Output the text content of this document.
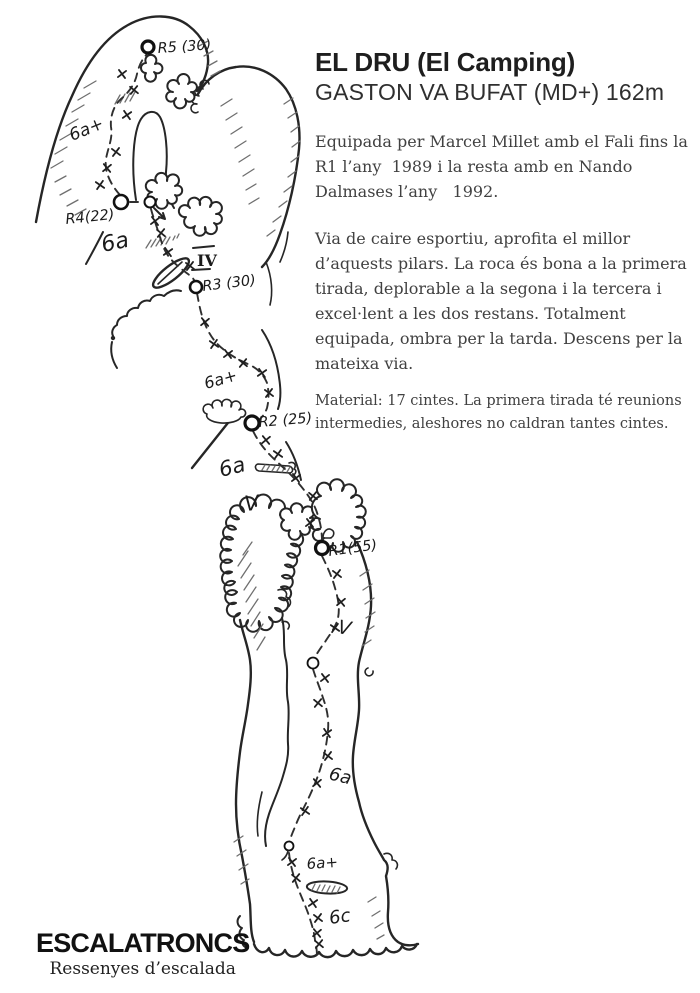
R5 (30)
6a+
R4(22)
6a
IV
R3 (30)
6a+
R2 (25)
6a
V
R1(55)
V
6a
6a+
6c
EL DRU (El Camping)
GASTON VA BUFAT (MD+) 162m

Equipada per Marcel Millet amb el Fali fins la R1 l’any  1989 i la resta amb en Nando Dalmases l’any   1992.

Via de caire esportiu, aprofita el millor d’aquests pilars. La roca és bona a la primera tirada, deplorable a la segona i la tercera i excel·lent a les dos restans. Totalment equipada, ombra per la tarda. Descens per la mateixa via.

Material: 17 cintes. La primera tirada té reunions intermedies, aleshores no caldran tantes cintes.

ESCALATRONCS
Ressenyes d’escalada
